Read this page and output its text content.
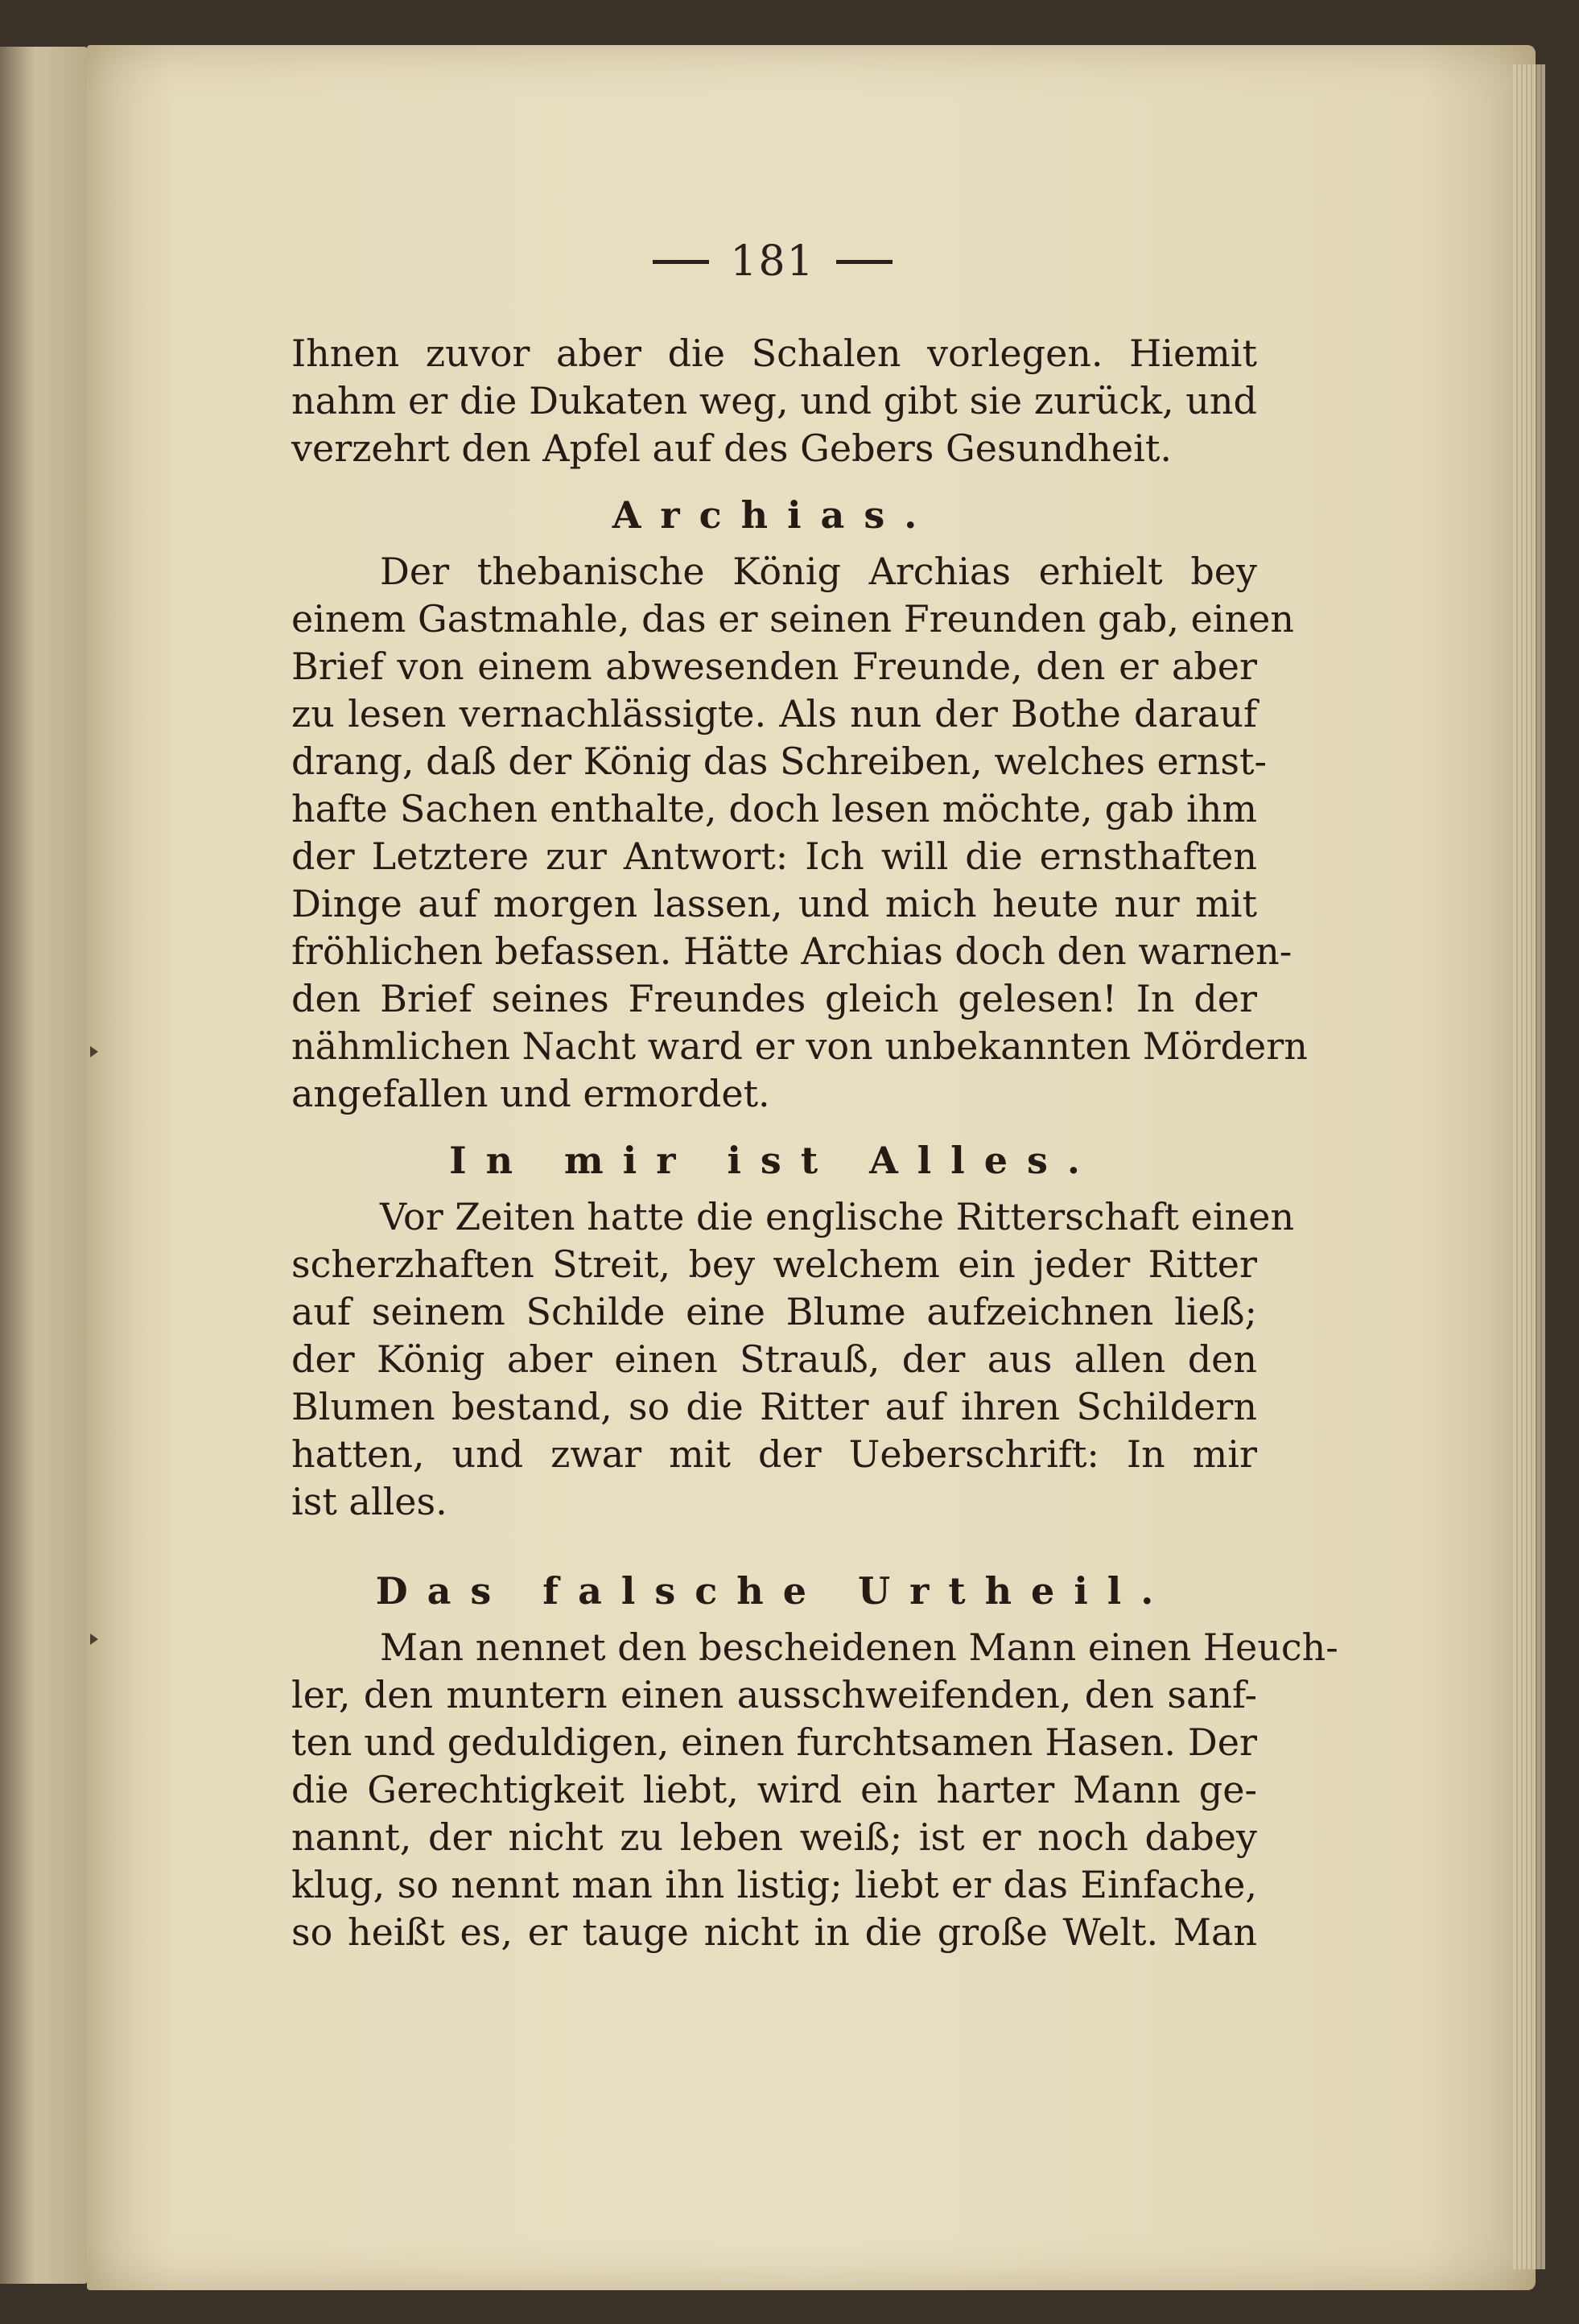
181
Ihnen zuvor aber die Schalen vorlegen. Hiemit
nahm er die Dukaten weg, und gibt sie zurück, und
verzehrt den Apfel auf des Gebers Gesundheit.
Archias.
Der thebanische König Archias erhielt bey
einem Gastmahle, das er seinen Freunden gab, einen
Brief von einem abwesenden Freunde, den er aber
zu lesen vernachlässigte. Als nun der Bothe darauf
drang, daß der König das Schreiben, welches ernst-
hafte Sachen enthalte, doch lesen möchte, gab ihm
der Letztere zur Antwort: Ich will die ernsthaften
Dinge auf morgen lassen, und mich heute nur mit
fröhlichen befassen. Hätte Archias doch den warnen-
den Brief seines Freundes gleich gelesen! In der
nähmlichen Nacht ward er von unbekannten Mördern
angefallen und ermordet.
In mir ist Alles.
Vor Zeiten hatte die englische Ritterschaft einen
scherzhaften Streit, bey welchem ein jeder Ritter
auf seinem Schilde eine Blume aufzeichnen ließ;
der König aber einen Strauß, der aus allen den
Blumen bestand, so die Ritter auf ihren Schildern
hatten, und zwar mit der Ueberschrift: In mir
ist alles.
Das falsche Urtheil.
Man nennet den bescheidenen Mann einen Heuch-
ler, den muntern einen ausschweifenden, den sanf-
ten und geduldigen, einen furchtsamen Hasen. Der
die Gerechtigkeit liebt, wird ein harter Mann ge-
nannt, der nicht zu leben weiß; ist er noch dabey
klug, so nennt man ihn listig; liebt er das Einfache,
so heißt es, er tauge nicht in die große Welt. Man
